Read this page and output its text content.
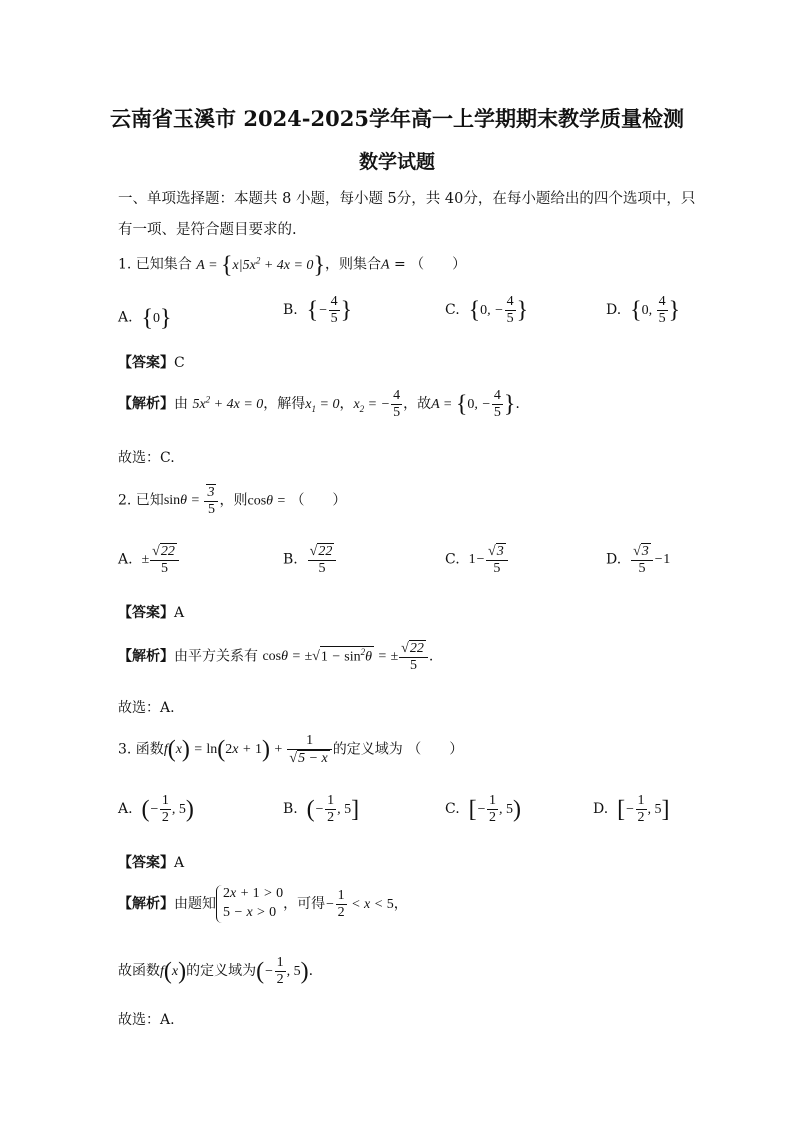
云南省玉溪市 2024-2025学年高一上学期期末教学质量检测
数学试题
一、单项选择题：本题共 8 小题，每小题 5分，共 40分，在每小题给出的四个选项中，只
有一项、是符合题目要求的.
1. 已知集合 $A = \{x|5x^2 + 4x = 0\}$，则集合A = （　　）
A. {0}	B. {− $\frac{4}{5}$ }	C. {0, − $\frac{4}{5}$ }	D. {0, $\frac{4}{5}$ }
【答案】C
【解析】由 $5x^2 + 4x = 0$，解得$x_1 = 0$，$x_2$ = − $\frac{4}{5}$ ，故A = {0, − $\frac{4}{5}$ }.
故选：C.
2. 已知$\sin\theta = \frac{3}{5}$ ，则cosθ = （　　）
A. ± $\frac{√22}{5}$	B. $\frac{√22}{5}$	C. $1- \frac{√3}{5}$	D. $\frac{√3}{5} -1$
【答案】A
【解析】由平方关系有 $\cos\theta = \pm√1 - \sin^2\theta$ = ± $\frac{√22}{5}$ .
故选：A.
3. 函数$f(x) = \ln(2x + 1) + \frac{1}{√5 - x}$ 的定义域为 （　　）
A. (− $\frac{1}{2}$ , 5)	B. (− $\frac{1}{2}$ , 5]	C. [− $\frac{1}{2}$ , 5)	D. [− $\frac{1}{2}$ , 5]
【答案】A
【解析】由题知
2x + 1 > 0
5 − x > 0
，可得− $\frac{1}{2} < x < 5$，
故函数f(x)的定义域为(− $\frac{1}{2}$ , 5).
故选：A.
